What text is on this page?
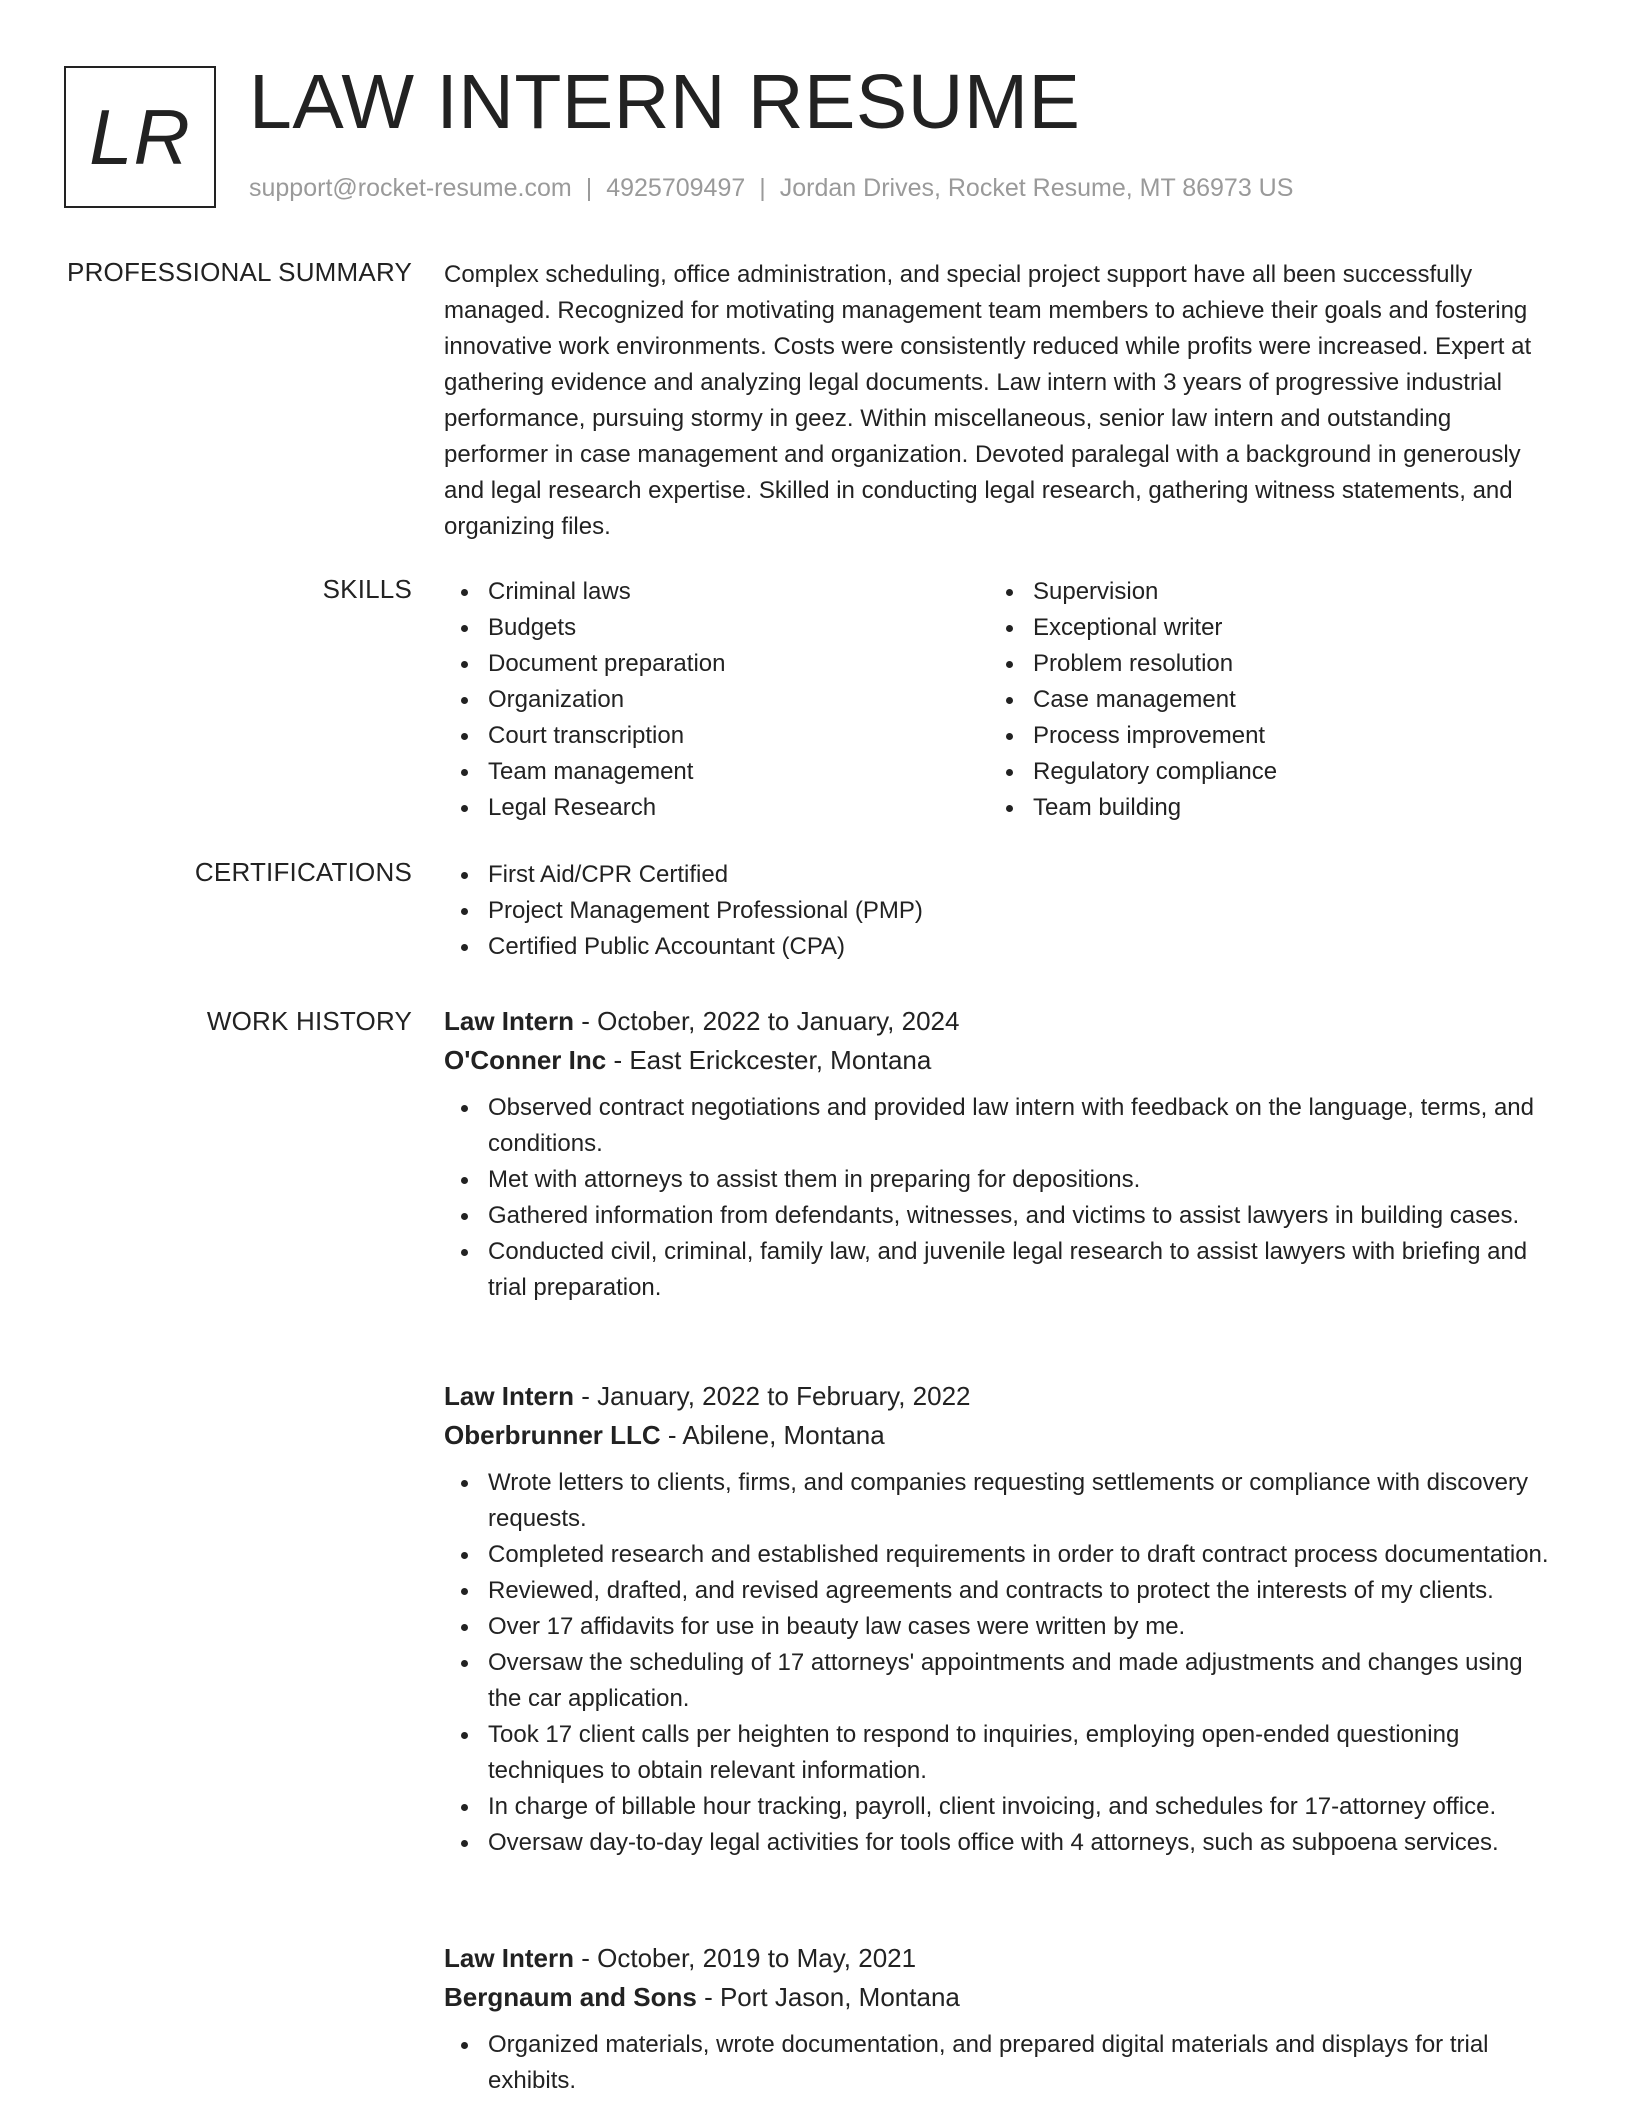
LR LAW INTERN RESUME
support@rocket-resume.com | 4925709497 | Jordan Drives, Rocket Resume, MT 86973 US
PROFESSIONAL SUMMARY Complex scheduling, office administration, and special project support have all been successfully managed. Recognized for motivating management team members to achieve their goals and fostering innovative work environments. Costs were consistently reduced while profits were increased. Expert at gathering evidence and analyzing legal documents. Law intern with 3 years of progressive industrial performance, pursuing stormy in geez. Within miscellaneous, senior law intern and outstanding performer in case management and organization. Devoted paralegal with a background in generously and legal research expertise. Skilled in conducting legal research, gathering witness statements, and organizing files.

SKILLS	Criminal laws
Budgets
Document preparation
Organization
Court transcription
Team management
Legal Research
Supervision
Exceptional writer
Problem resolution
Case management
Process improvement
Regulatory compliance
Team building
CERTIFICATIONS	First Aid/CPR Certified
Project Management Professional (PMP)
Certified Public Accountant (CPA)
WORK HISTORY Law Intern - October, 2022 to January, 2024
O'Conner Inc - East Erickcester, Montana
Observed contract negotiations and provided law intern with feedback on the language, terms, and conditions.
Met with attorneys to assist them in preparing for depositions.
Gathered information from defendants, witnesses, and victims to assist lawyers in building cases.
Conducted civil, criminal, family law, and juvenile legal research to assist lawyers with briefing and trial preparation.
Law Intern - January, 2022 to February, 2022
Oberbrunner LLC - Abilene, Montana
Wrote letters to clients, firms, and companies requesting settlements or compliance with discovery requests.
Completed research and established requirements in order to draft contract process documentation.
Reviewed, drafted, and revised agreements and contracts to protect the interests of my clients.
Over 17 affidavits for use in beauty law cases were written by me.
Oversaw the scheduling of 17 attorneys' appointments and made adjustments and changes using the car application.
Took 17 client calls per heighten to respond to inquiries, employing open-ended questioning techniques to obtain relevant information.
In charge of billable hour tracking, payroll, client invoicing, and schedules for 17-attorney office.
Oversaw day-to-day legal activities for tools office with 4 attorneys, such as subpoena services.
Law Intern - October, 2019 to May, 2021
Bergnaum and Sons - Port Jason, Montana
Organized materials, wrote documentation, and prepared digital materials and displays for trial exhibits.
